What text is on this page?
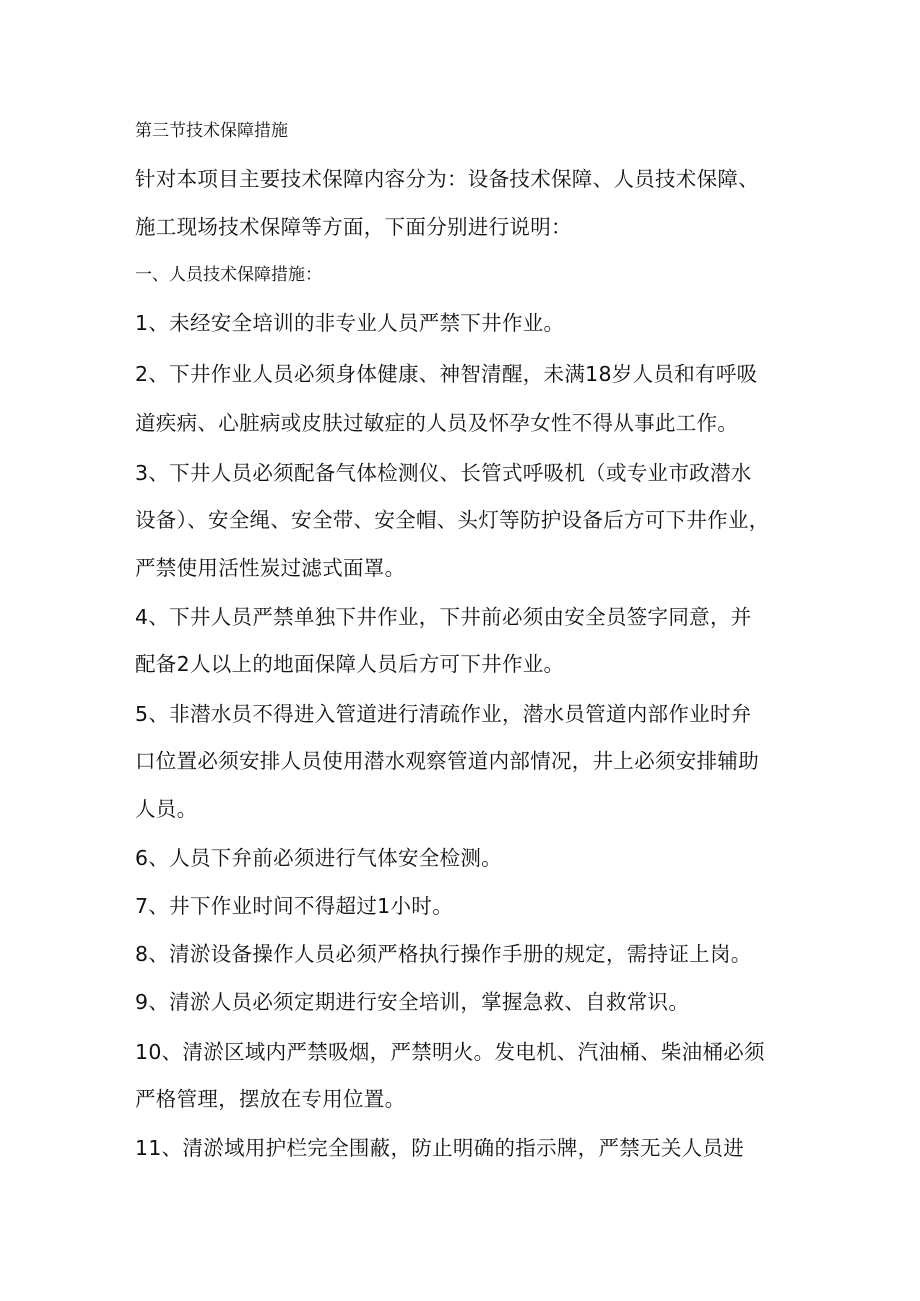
第三节技术保障措施
针对本项目主要技术保障内容分为：设备技术保障、人员技术保障、
施工现场技术保障等方面，下面分别进行说明：
一、人员技术保障措施：
1、未经安全培训的非专业人员严禁下井作业。
2、下井作业人员必须身体健康、神智清醒，未满18岁人员和有呼吸
道疾病、心脏病或皮肤过敏症的人员及怀孕女性不得从事此工作。
3、下井人员必须配备气体检测仪、长管式呼吸机（或专业市政潜水
设备）、安全绳、安全带、安全帽、头灯等防护设备后方可下井作业，
严禁使用活性炭过滤式面罩。
4、下井人员严禁单独下井作业，下井前必须由安全员签字同意，并
配备2人以上的地面保障人员后方可下井作业。
5、非潜水员不得进入管道进行清疏作业，潜水员管道内部作业时弁
口位置必须安排人员使用潜水观察管道内部情况，井上必须安排辅助
人员。
6、人员下弁前必须进行气体安全检测。
7、井下作业时间不得超过1小时。
8、清淤设备操作人员必须严格执行操作手册的规定，需持证上岗。
9、清淤人员必须定期进行安全培训，掌握急救、自救常识。
10、清淤区域内严禁吸烟，严禁明火。发电机、汽油桶、柴油桶必须
严格管理，摆放在专用位置。
11、清淤域用护栏完全围蔽，防止明确的指示牌，严禁无关人员进
